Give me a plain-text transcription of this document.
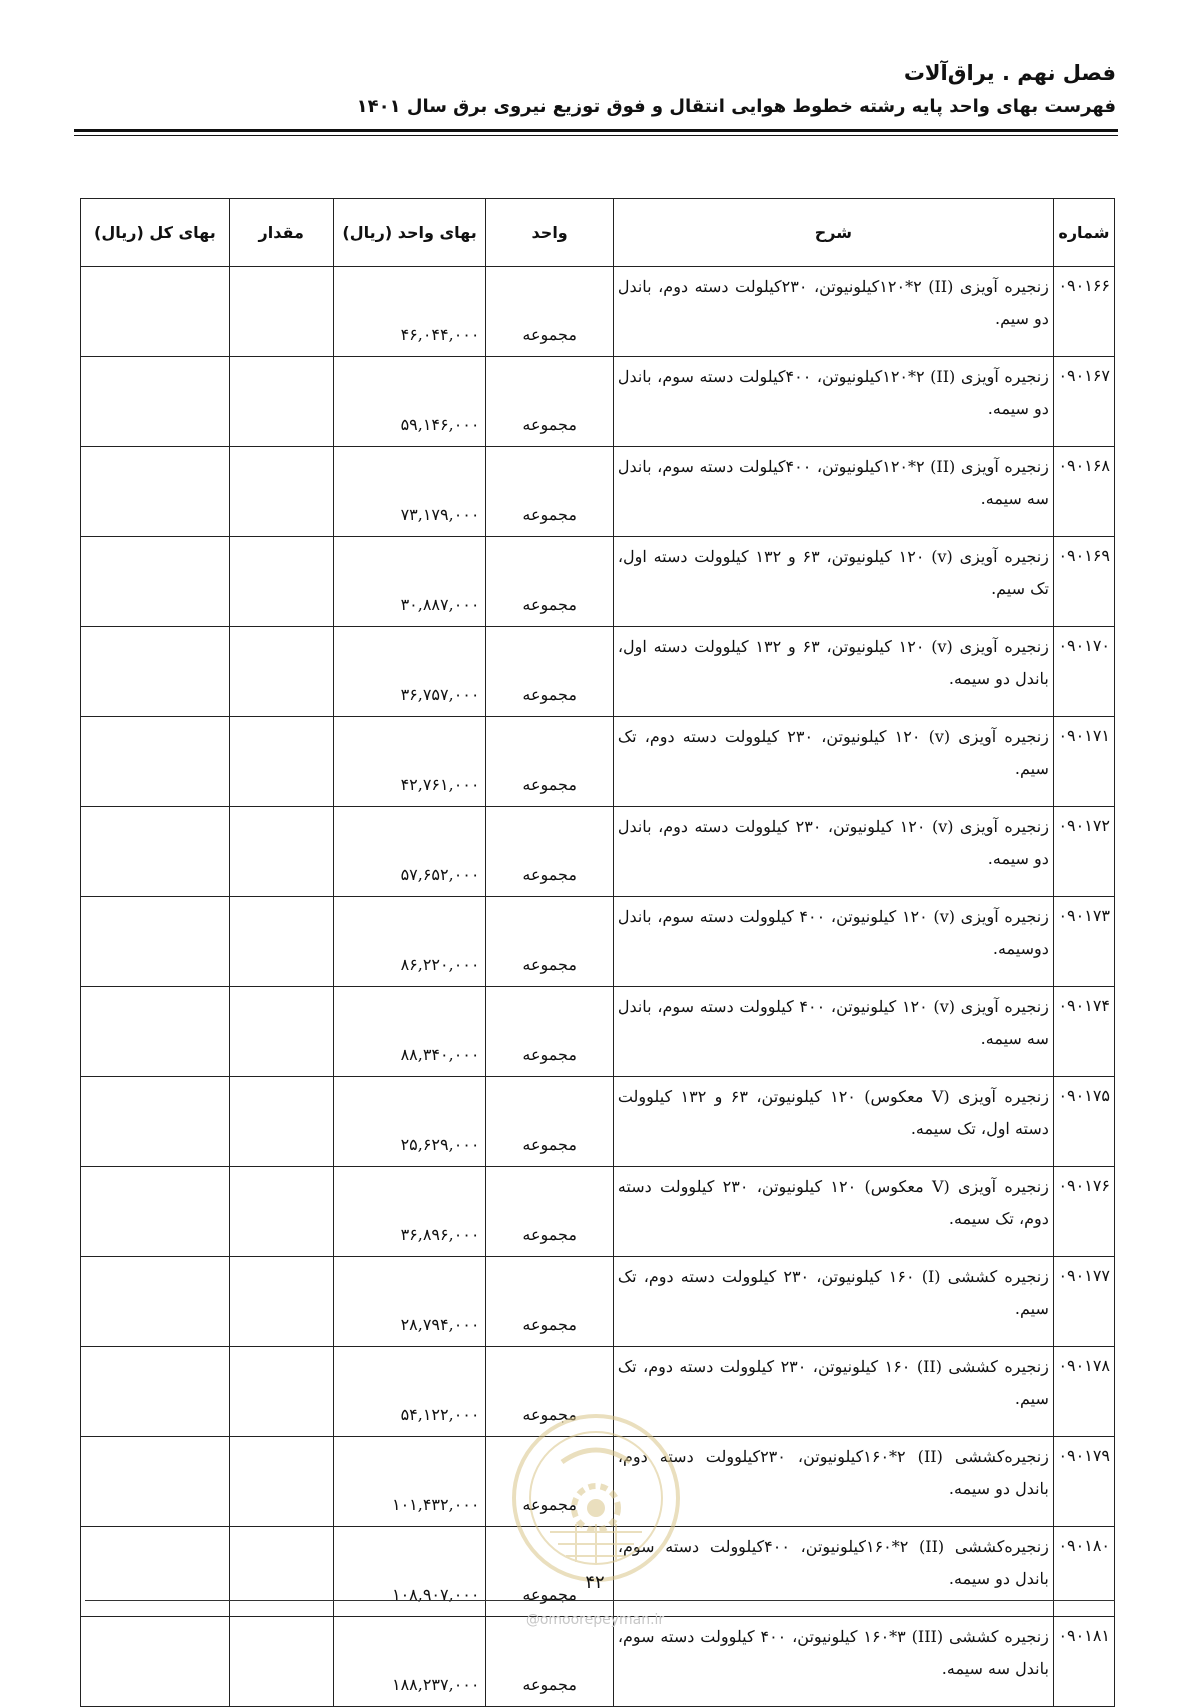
فصل نهم . یراق‌آلات
فهرست بهای واحد پایه رشته خطوط هوایی انتقال و فوق توزیع نیروی برق سال ۱۴۰۱
شماره	شرح	واحد	بهای واحد (ریال)	مقدار	بهای کل (ریال)
۰۹۰۱۶۶	زنجیره آویزی (II) ۱۲۰*۲کیلونیوتن، ۲۳۰کیلولت دسته دوم، باندل دو سیم.	مجموعه	۴۶,۰۴۴,۰۰۰		
۰۹۰۱۶۷	زنجیره آویزی (II) ۱۲۰*۲کیلونیوتن، ۴۰۰کیلولت دسته سوم، باندل دو سیمه.	مجموعه	۵۹,۱۴۶,۰۰۰		
۰۹۰۱۶۸	زنجیره آویزی (II) ۱۲۰*۲کیلونیوتن، ۴۰۰کیلولت دسته سوم، باندل سه سیمه.	مجموعه	۷۳,۱۷۹,۰۰۰		
۰۹۰۱۶۹	زنجیره آویزی (v) ۱۲۰ کیلونیوتن، ۶۳ و ۱۳۲ کیلوولت دسته اول، تک سیم.	مجموعه	۳۰,۸۸۷,۰۰۰		
۰۹۰۱۷۰	زنجیره آویزی (v) ۱۲۰ کیلونیوتن، ۶۳ و ۱۳۲ کیلوولت دسته اول، باندل دو سیمه.	مجموعه	۳۶,۷۵۷,۰۰۰		
۰۹۰۱۷۱	زنجیره آویزی (v) ۱۲۰ کیلونیوتن، ۲۳۰ کیلوولت دسته دوم، تک سیم.	مجموعه	۴۲,۷۶۱,۰۰۰		
۰۹۰۱۷۲	زنجیره آویزی (v) ۱۲۰ کیلونیوتن، ۲۳۰ کیلوولت دسته دوم، باندل دو سیمه.	مجموعه	۵۷,۶۵۲,۰۰۰		
۰۹۰۱۷۳	زنجیره آویزی (v) ۱۲۰ کیلونیوتن، ۴۰۰ کیلوولت دسته سوم، باندل دوسیمه.	مجموعه	۸۶,۲۲۰,۰۰۰		
۰۹۰۱۷۴	زنجیره آویزی (v) ۱۲۰ کیلونیوتن، ۴۰۰ کیلوولت دسته سوم، باندل سه سیمه.	مجموعه	۸۸,۳۴۰,۰۰۰		
۰۹۰۱۷۵	زنجیره آویزی (V معکوس) ۱۲۰ کیلونیوتن، ۶۳ و ۱۳۲ کیلوولت دسته اول، تک سیمه.	مجموعه	۲۵,۶۲۹,۰۰۰		
۰۹۰۱۷۶	زنجیره آویزی (V معکوس) ۱۲۰ کیلونیوتن، ۲۳۰ کیلوولت دسته دوم، تک سیمه.	مجموعه	۳۶,۸۹۶,۰۰۰		
۰۹۰۱۷۷	زنجیره کششی (I) ۱۶۰ کیلونیوتن، ۲۳۰ کیلوولت دسته دوم، تک سیم.	مجموعه	۲۸,۷۹۴,۰۰۰		
۰۹۰۱۷۸	زنجیره کششی (II) ۱۶۰ کیلونیوتن، ۲۳۰ کیلوولت دسته دوم، تک سیم.	مجموعه	۵۴,۱۲۲,۰۰۰		
۰۹۰۱۷۹	زنجیره‌کششی (II) ۱۶۰*۲کیلونیوتن، ۲۳۰کیلوولت دسته دوم، باندل دو سیمه.	مجموعه	۱۰۱,۴۳۲,۰۰۰		
۰۹۰۱۸۰	زنجیره‌کششی (II) ۱۶۰*۲کیلونیوتن، ۴۰۰کیلوولت دسته سوم، باندل دو سیمه.	مجموعه	۱۰۸,۹۰۷,۰۰۰		
۰۹۰۱۸۱	زنجیره کششی (III) ۱۶۰*۳ کیلونیوتن، ۴۰۰ کیلوولت دسته سوم، باندل سه سیمه.	مجموعه	۱۸۸,۲۳۷,۰۰۰		
۴۲
@omoorepeyman.ir
